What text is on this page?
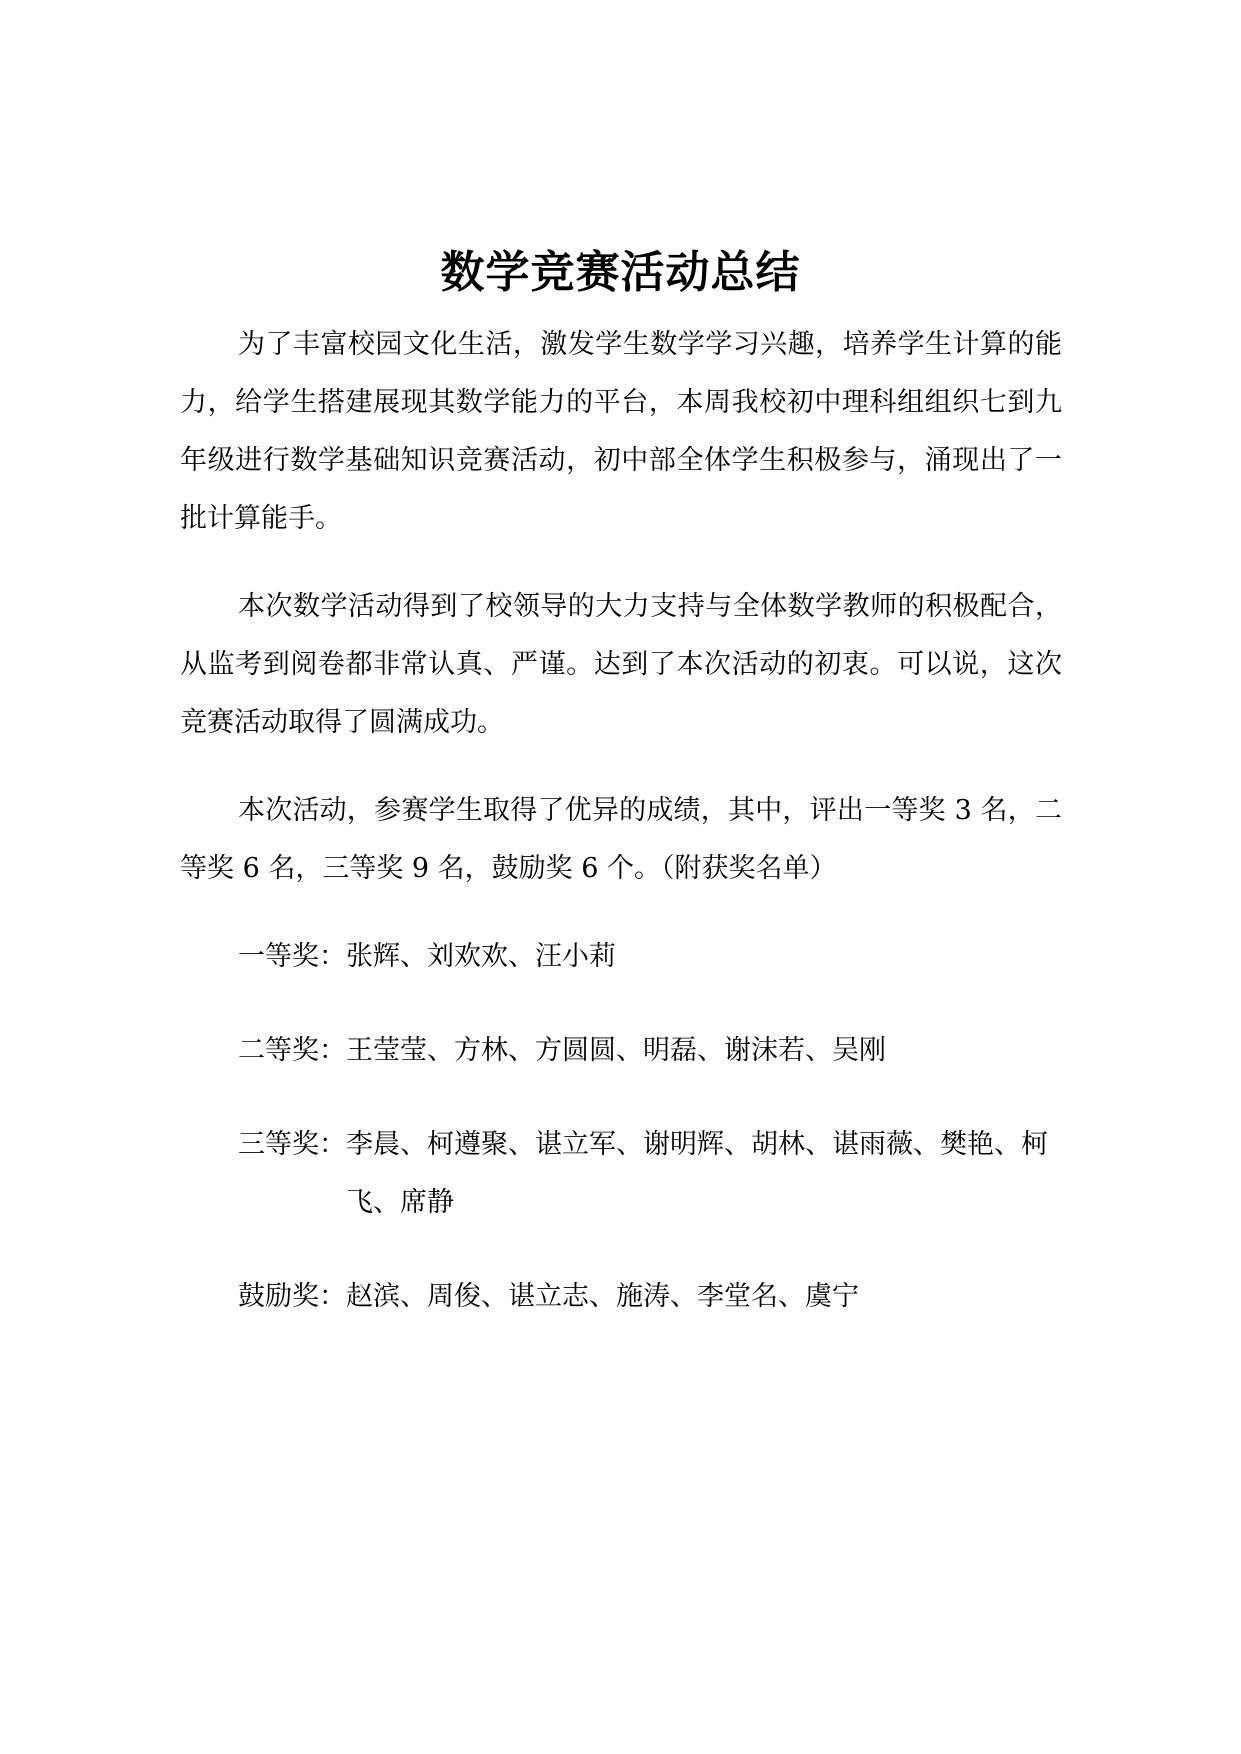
数学竞赛活动总结

为了丰富校园文化生活，激发学生数学学习兴趣，培养学生计算的能力，给学生搭建展现其数学能力的平台，本周我校初中理科组组织七到九年级进行数学基础知识竞赛活动，初中部全体学生积极参与，涌现出了一批计算能手。

本次数学活动得到了校领导的大力支持与全体数学教师的积极配合，从监考到阅卷都非常认真、严谨。达到了本次活动的初衷。可以说，这次竞赛活动取得了圆满成功。

本次活动，参赛学生取得了优异的成绩，其中，评出一等奖 3 名，二等奖 6 名，三等奖 9 名，鼓励奖 6 个。（附获奖名单）

一等奖： 张辉、刘欢欢、汪小莉
二等奖： 王莹莹、方林、方圆圆、明磊、谢沫若、吴刚
三等奖： 李晨、柯遵聚、谌立军、谢明辉、胡林、谌雨薇、樊艳、柯飞、席静
鼓励奖： 赵滨、周俊、谌立志、施涛、李堂名、虞宁
